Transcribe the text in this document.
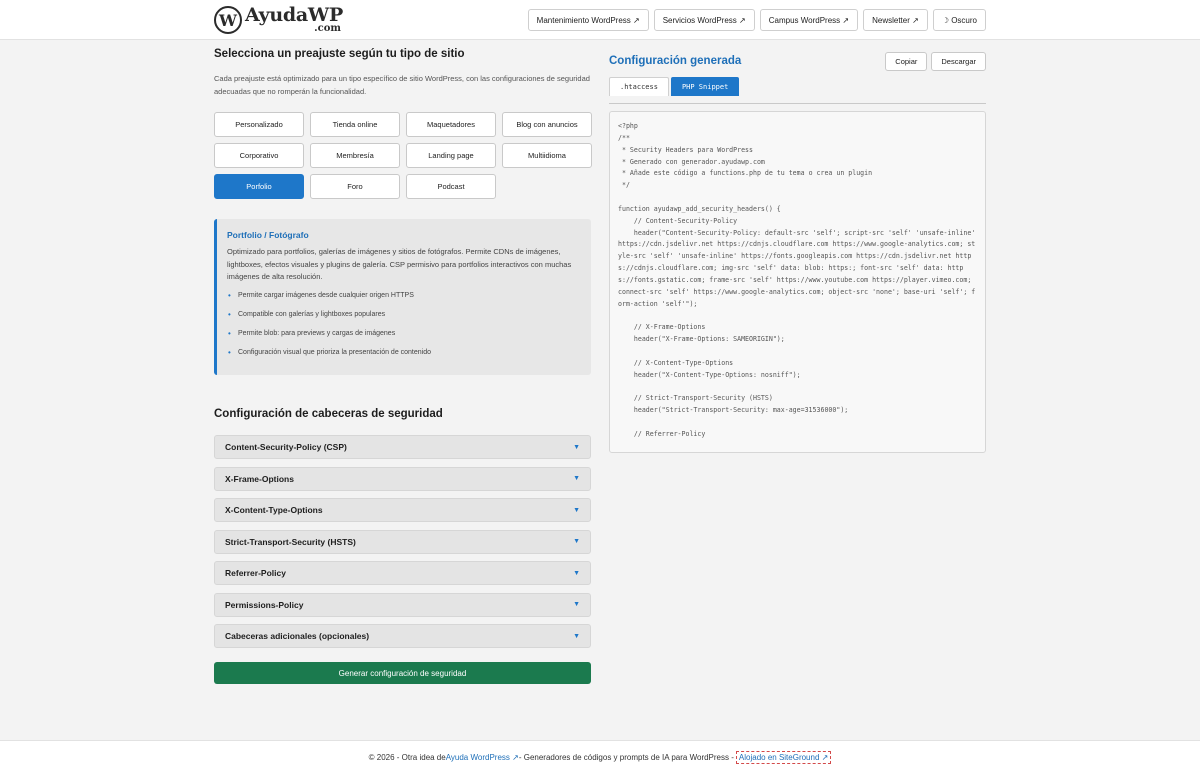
W AyudaWP
.com
Mantenimiento WordPress ↗	Servicios WordPress ↗	Campus WordPress ↗	Newsletter ↗	☽ Oscuro
Selecciona un preajuste según tu tipo de sitio
Cada preajuste está optimizado para un tipo específico de sitio WordPress, con las configuraciones de seguridad adecuadas que no romperán la funcionalidad.
Personalizado	Tienda online	Maquetadores	Blog con anuncios
Corporativo	Membresía	Landing page	Multiidioma
Porfolio	Foro	Podcast
Portfolio / Fotógrafo
Optimizado para portfolios, galerías de imágenes y sitios de fotógrafos. Permite CDNs de imágenes, lightboxes, efectos visuales y plugins de galería. CSP permisivo para portfolios interactivos con muchas imágenes de alta resolución.
• Permite cargar imágenes desde cualquier origen HTTPS
• Compatible con galerías y lightboxes populares
• Permite blob: para previews y cargas de imágenes
• Configuración visual que prioriza la presentación de contenido
Configuración de cabeceras de seguridad
Content-Security-Policy (CSP)	▼
X-Frame-Options	▼
X-Content-Type-Options	▼
Strict-Transport-Security (HSTS)	▼
Referrer-Policy	▼
Permissions-Policy	▼
Cabeceras adicionales (opcionales)	▼
Generar configuración de seguridad
Configuración generada	Copiar	Descargar
.htaccess	PHP Snippet
<?php
/**
* Security Headers para WordPress
* Generado con generador.ayudawp.com
* Añade este código a functions.php de tu tema o crea un plugin
*/

function ayudawp_add_security_headers() {
// Content-Security-Policy
header("Content-Security-Policy: default-src 'self'; script-src 'self' 'unsafe-inline' https://cdn.jsdelivr.net https://cdnjs.cloudflare.com https://www.google-analytics.com; style-src 'self' 'unsafe-inline' https://fonts.googleapis.com https://cdn.jsdelivr.net https://cdnjs.cloudflare.com; img-src 'self' data: blob: https:; font-src 'self' data: https://fonts.gstatic.com; frame-src 'self' https://www.youtube.com https://player.vimeo.com; connect-src 'self' https://www.google-analytics.com; object-src 'none'; base-uri 'self'; form-action 'self'");

// X-Frame-Options
header("X-Frame-Options: SAMEORIGIN");

// X-Content-Type-Options
header("X-Content-Type-Options: nosniff");

// Strict-Transport-Security (HSTS)
header("Strict-Transport-Security: max-age=31536000");

// Referrer-Policy
© 2026 - Otra idea de Ayuda WordPress ↗ - Generadores de códigos y prompts de IA para WordPress - Alojado en SiteGround ↗
